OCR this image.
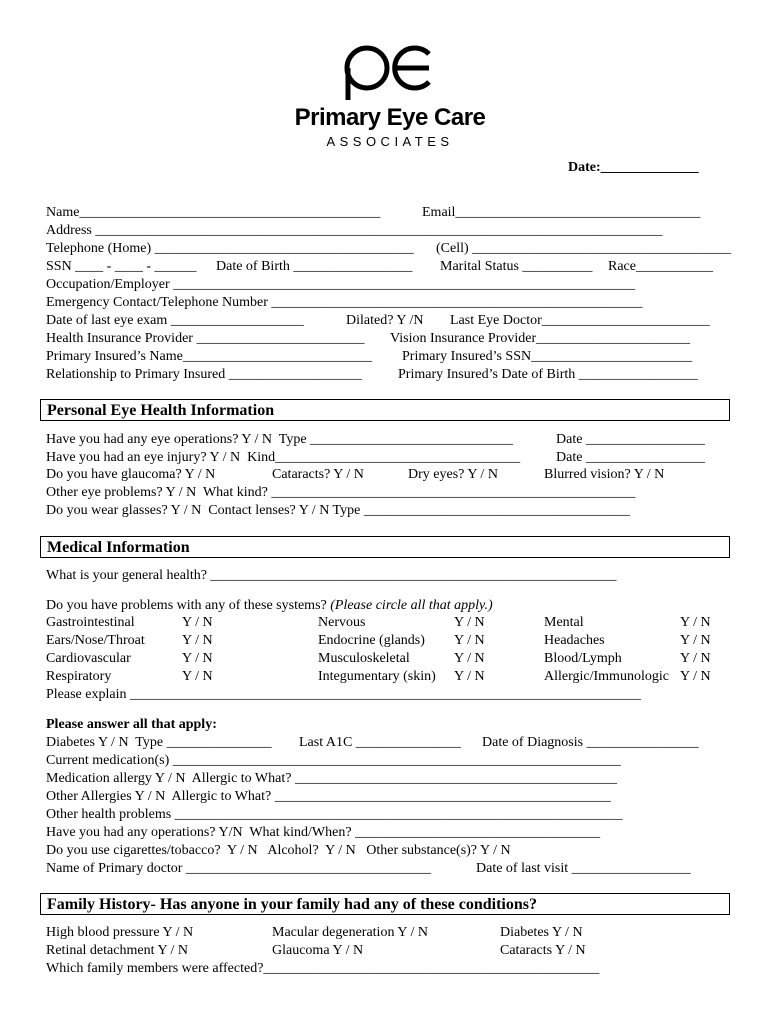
Primary Eye Care
ASSOCIATES
Date:______________
Name___________________________________________	Email___________________________________
Address _________________________________________________________________________________
Telephone (Home) _____________________________________ (Cell) _____________________________________
SSN ____ - ____ - ______ Date of Birth _________________ Marital Status __________ Race___________
Occupation/Employer __________________________________________________________________
Emergency Contact/Telephone Number _____________________________________________________
Date of last eye exam ___________________	Dilated? Y /N Last Eye Doctor________________________
Health Insurance Provider ________________________ Vision Insurance Provider______________________
Primary Insured’s Name___________________________ Primary Insured’s SSN_______________________
Relationship to Primary Insured ___________________	Primary Insured’s Date of Birth _________________
Personal Eye Health Information
Have you had any eye operations? Y / N  Type _____________________________	Date _________________
Have you had an eye injury? Y / N  Kind___________________________________	Date _________________
Do you have glaucoma? Y / N	Cataracts? Y / N	Dry eyes? Y / N	Blurred vision? Y / N
Other eye problems? Y / N  What kind? ____________________________________________________
Do you wear glasses? Y / N  Contact lenses? Y / N Type ______________________________________
Medical Information
What is your general health? __________________________________________________________
Do you have problems with any of these systems? (Please circle all that apply.)
Gastrointestinal	Y / N	Nervous	Y / N	Mental	Y / N
Ears/Nose/Throat	Y / N	Endocrine (glands) Y / N	Headaches	Y / N
Cardiovascular	Y / N	Musculoskeletal	Y / N	Blood/Lymph	Y / N
Respiratory	Y / N	Integumentary (skin) Y / N	Allergic/Immunologic Y / N
Please explain _________________________________________________________________________
Please answer all that apply:
Diabetes Y / N  Type _______________ Last A1C _______________ Date of Diagnosis ________________
Current medication(s) ________________________________________________________________
Medication allergy Y / N  Allergic to What? ______________________________________________
Other Allergies Y / N  Allergic to What? ________________________________________________
Other health problems ________________________________________________________________
Have you had any operations? Y/N  What kind/When? ___________________________________
Do you use cigarettes/tobacco?  Y / N   Alcohol?  Y / N   Other substance(s)? Y / N
Name of Primary doctor ___________________________________	Date of last visit _________________
Family History- Has anyone in your family had any of these conditions?
High blood pressure Y / N	Macular degeneration Y / N	Diabetes Y / N
Retinal detachment Y / N	Glaucoma Y / N	Cataracts Y / N
Which family members were affected?________________________________________________
